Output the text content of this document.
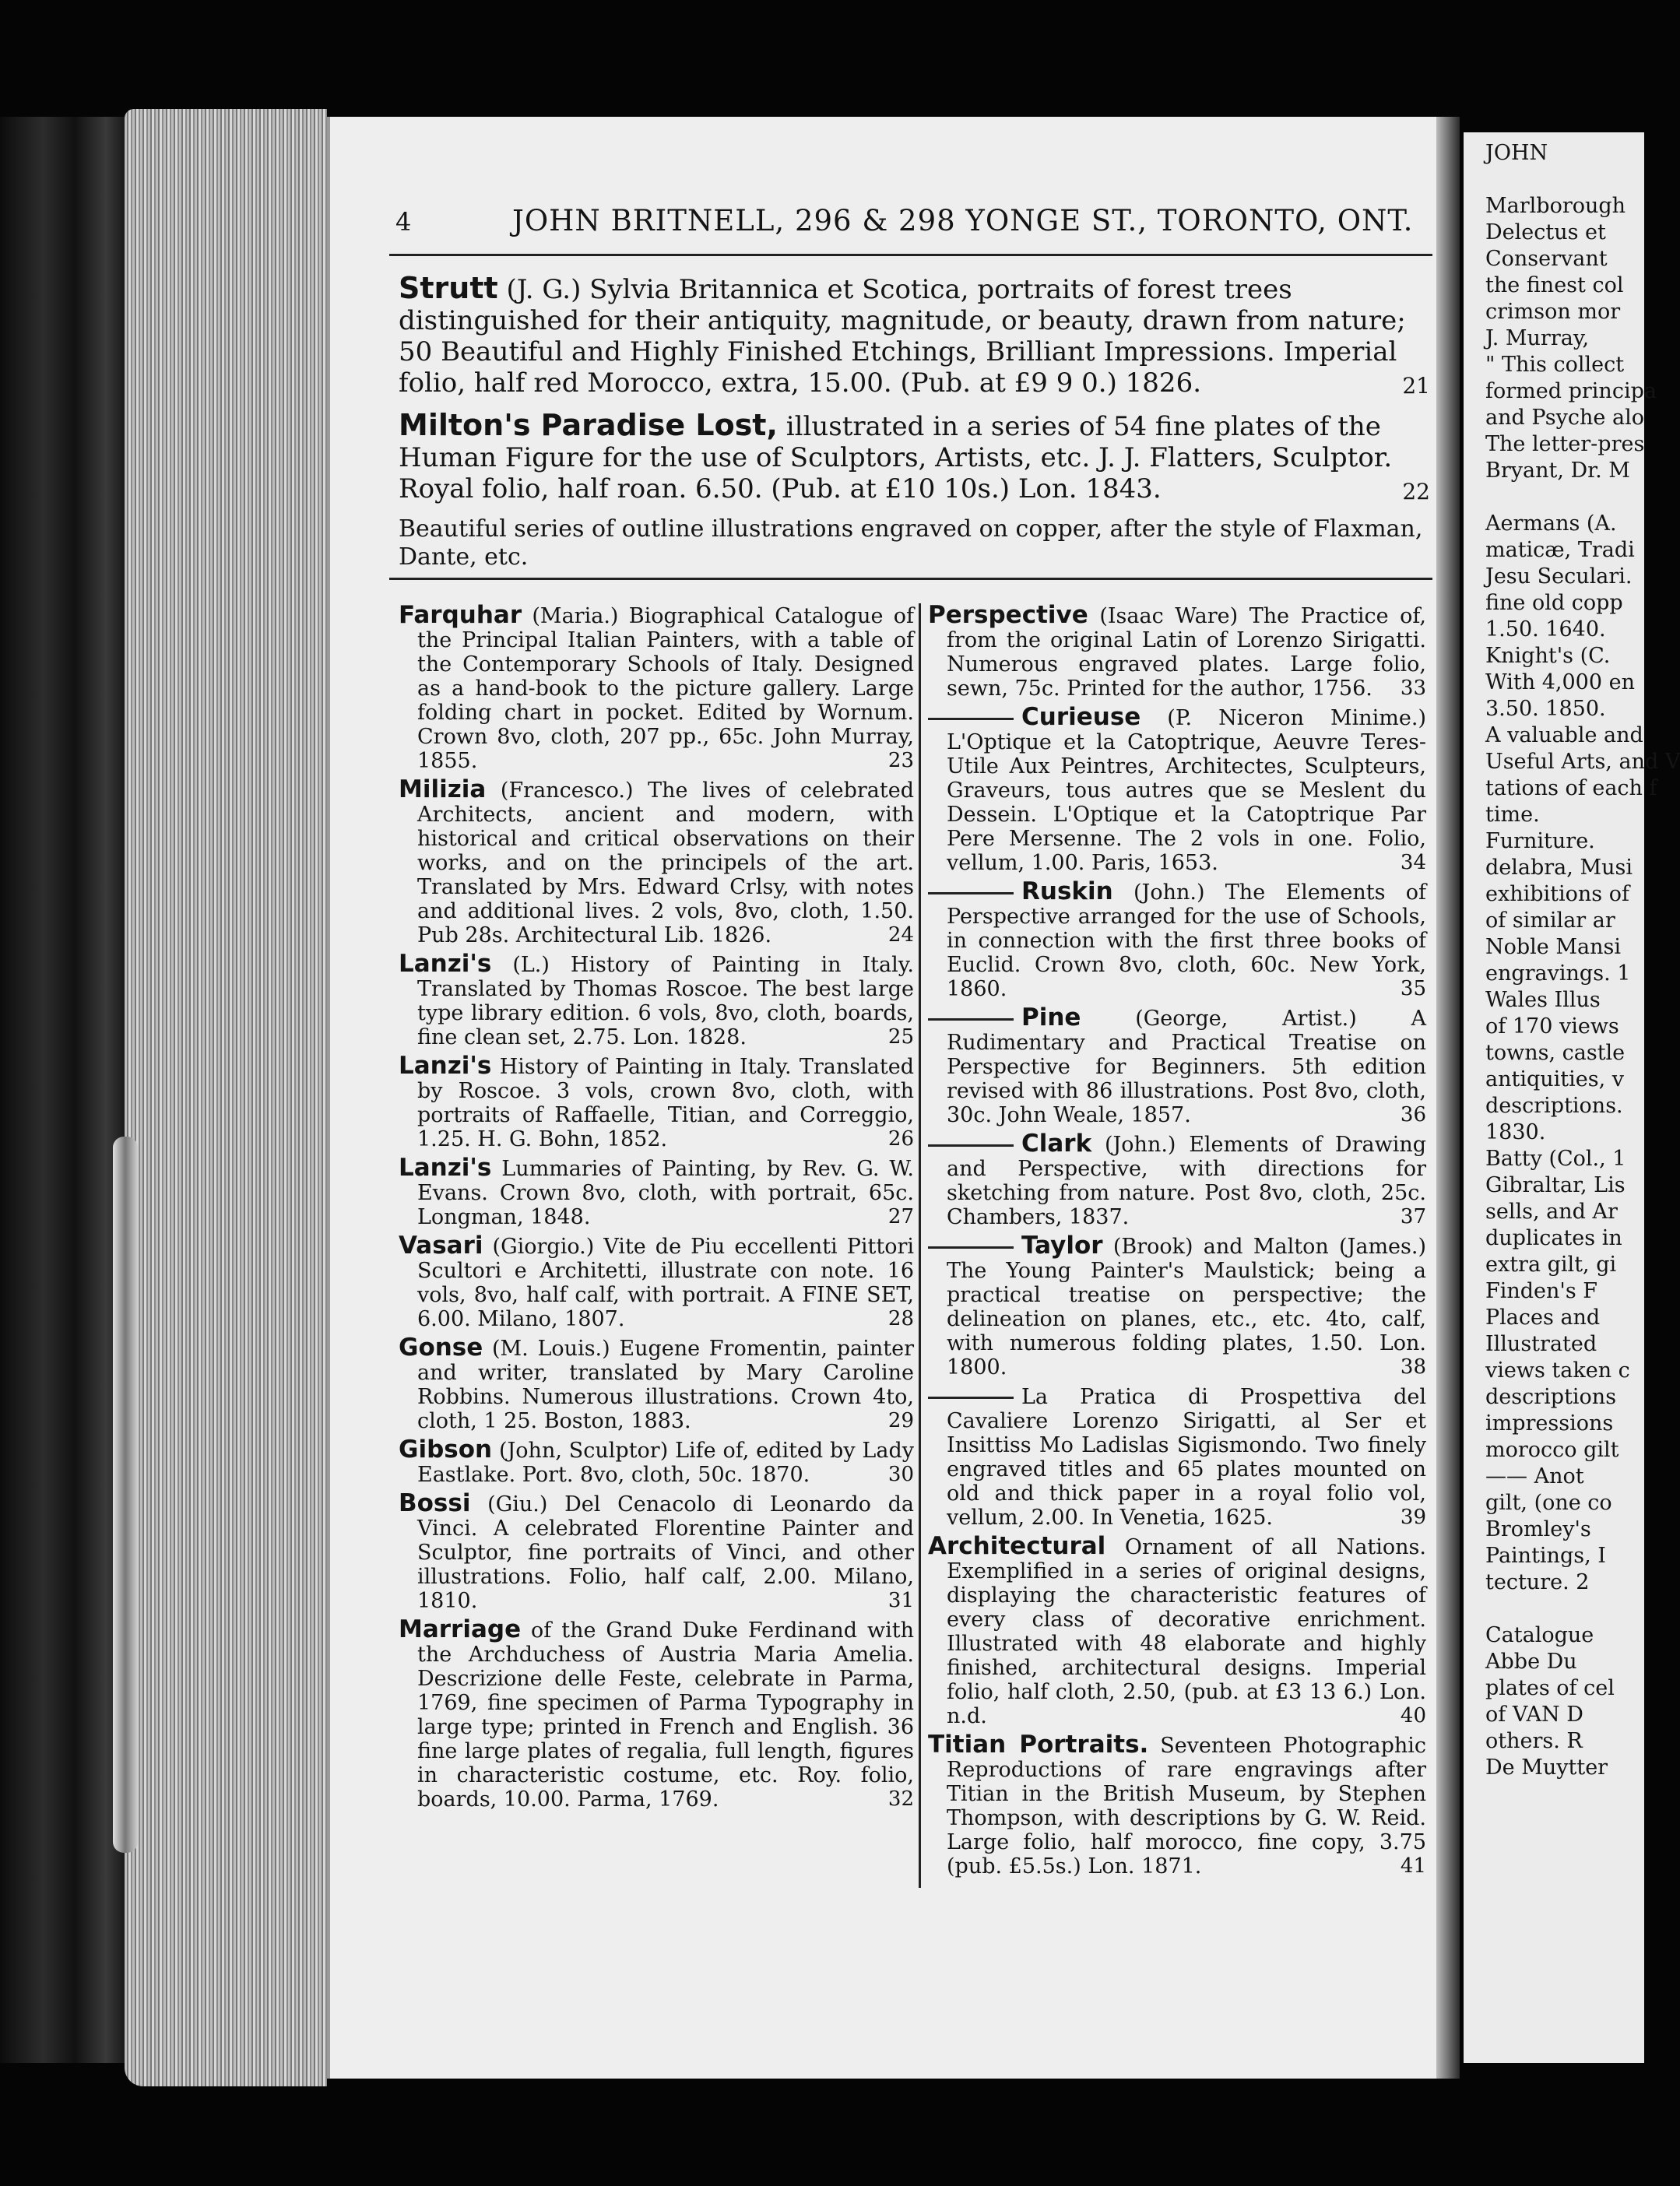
4	JOHN BRITNELL, 296 & 298 YONGE ST., TORONTO, ONT.
Strutt (J. G.) Sylvia Britannica et Scotica, portraits of forest trees distinguished for their antiquity, magnitude, or beauty, drawn from nature; 50 Beautiful and Highly Finished Etchings, Brilliant Impressions. Imperial folio, half red Morocco, extra, 15.00. (Pub. at £9 9 0.) 1826.	21
Milton's Paradise Lost, illustrated in a series of 54 fine plates of the Human Figure for the use of Sculptors, Artists, etc. J. J. Flatters, Sculptor. Royal folio, half roan. 6.50. (Pub. at £10 10s.) Lon. 1843.	22
Beautiful series of outline illustrations engraved on copper, after the style of Flaxman, Dante, etc.
Farquhar (Maria.) Biographical Catalogue of the Principal Italian Painters, with a table of the Contemporary Schools of Italy. Designed as a hand-book to the picture gallery. Large folding chart in pocket. Edited by Wornum. Crown 8vo, cloth, 207 pp., 65c. John Murray, 1855.	23
Milizia (Francesco.) The lives of celebrated Architects, ancient and modern, with historical and critical observations on their works, and on the principels of the art. Translated by Mrs. Edward Crlsy, with notes and additional lives. 2 vols, 8vo, cloth, 1.50. Pub 28s. Architectural Lib. 1826.	24
Lanzi's (L.) History of Painting in Italy. Translated by Thomas Roscoe. The best large type library edition. 6 vols, 8vo, cloth, boards, fine clean set, 2.75. Lon. 1828.	25
Lanzi's History of Painting in Italy. Translated by Roscoe. 3 vols, crown 8vo, cloth, with portraits of Raffaelle, Titian, and Correggio, 1.25. H. G. Bohn, 1852.	26
Lanzi's Lummaries of Painting, by Rev. G. W. Evans. Crown 8vo, cloth, with portrait, 65c. Longman, 1848.	27
Vasari (Giorgio.) Vite de Piu eccellenti Pittori Scultori e Architetti, illustrate con note. 16 vols, 8vo, half calf, with portrait. A FINE SET, 6.00. Milano, 1807.	28
Gonse (M. Louis.) Eugene Fromentin, painter and writer, translated by Mary Caroline Robbins. Numerous illustrations. Crown 4to, cloth, 1 25. Boston, 1883.	29
Gibson (John, Sculptor) Life of, edited by Lady Eastlake. Port. 8vo, cloth, 50c. 1870.	30
Bossi (Giu.) Del Cenacolo di Leonardo da Vinci. A celebrated Florentine Painter and Sculptor, fine portraits of Vinci, and other illustrations. Folio, half calf, 2.00. Milano, 1810.	31
Marriage of the Grand Duke Ferdinand with the Archduchess of Austria Maria Amelia. Descrizione delle Feste, celebrate in Parma, 1769, fine specimen of Parma Typography in large type; printed in French and English. 36 fine large plates of regalia, full length, figures in characteristic costume, etc. Roy. folio, boards, 10.00. Parma, 1769.	32
Perspective (Isaac Ware) The Practice of, from the original Latin of Lorenzo Sirigatti. Numerous engraved plates. Large folio, sewn, 75c. Printed for the author, 1756. 33
Curieuse (P. Niceron Minime.) L'Optique et la Catoptrique, Aeuvre Teres-Utile Aux Peintres, Architectes, Sculpteurs, Graveurs, tous autres que se Meslent du Dessein. L'Optique et la Catoptrique Par Pere Mersenne. The 2 vols in one. Folio, vellum, 1.00. Paris, 1653.	34
Ruskin (John.) The Elements of Perspective arranged for the use of Schools, in connection with the first three books of Euclid. Crown 8vo, cloth, 60c. New York, 1860.	35
Pine (George, Artist.) A Rudimentary and Practical Treatise on Perspective for Beginners. 5th edition revised with 86 illustrations. Post 8vo, cloth, 30c. John Weale, 1857.	36
Clark (John.) Elements of Drawing and Perspective, with directions for sketching from nature. Post 8vo, cloth, 25c. Chambers, 1837.	37
Taylor (Brook) and Malton (James.) The Young Painter's Maulstick; being a practical treatise on perspective; the delineation on planes, etc., etc. 4to, calf, with numerous folding plates, 1.50. Lon. 1800.	38
La Pratica di Prospettiva del Cavaliere Lorenzo Sirigatti, al Ser et Insittiss Mo Ladislas Sigismondo. Two finely engraved titles and 65 plates mounted on old and thick paper in a royal folio vol, vellum, 2.00. In Venetia, 1625.	39
Architectural Ornament of all Nations. Exemplified in a series of original designs, displaying the characteristic features of every class of decorative enrichment. Illustrated with 48 elaborate and highly finished, architectural designs. Imperial folio, half cloth, 2.50, (pub. at £3 13 6.) Lon. n.d.	40
Titian Portraits. Seventeen Photographic Reproductions of rare engravings after Titian in the British Museum, by Stephen Thompson, with descriptions by G. W. Reid. Large folio, half morocco, fine copy, 3.75 (pub. £5.5s.) Lon. 1871.	41
JOHN

Marlborough
Delectus et
Conservant
the finest col
crimson mor
J. Murray,
" This collect
formed principa
and Psyche alo
The letter-pres
Bryant, Dr. M

Aermans (A.
maticæ, Tradi
Jesu Seculari.
fine old copp
1.50. 1640.
Knight's (C.
With 4,000 en
3.50. 1850.
A valuable and
Useful Arts, and V
tations of each f
time.
Furniture.
delabra, Musi
exhibitions of
of similar ar
Noble Mansi
engravings. 1
Wales Illus
of 170 views
towns, castle
antiquities, v
descriptions.
1830.
Batty (Col., 1
Gibraltar, Lis
sells, and Ar
duplicates in
extra gilt, gi
Finden's F
Places and
Illustrated
views taken c
descriptions
impressions
morocco gilt
—— Anot
gilt, (one co
Bromley's
Paintings, I
tecture. 2

Catalogue
Abbe Du
plates of cel
of VAN D
others. R
De Muytter
